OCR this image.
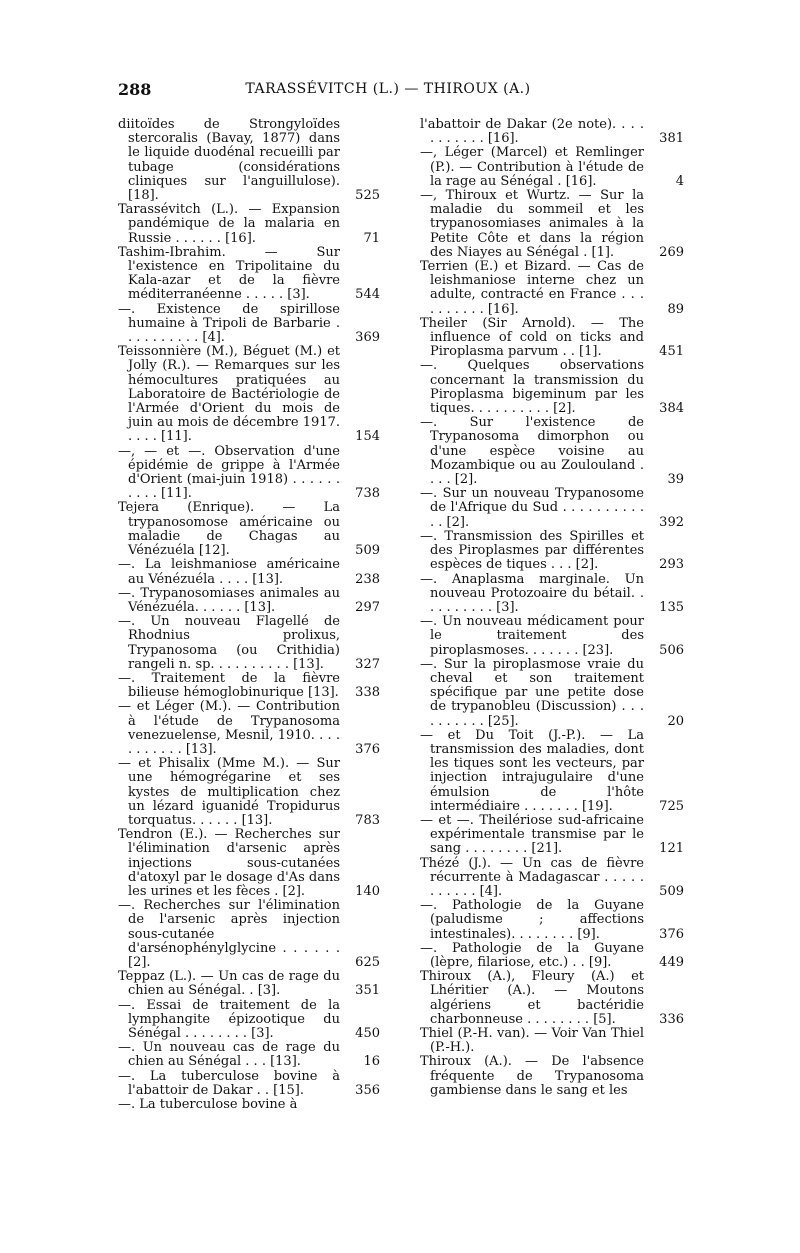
288	TARASSÉVITCH (L.) — THIROUX (A.)

diitoïdes de Strongyloïdes stercoralis (Bavay, 1877) dans le liquide duodénal recueilli par tubage (considérations cliniques sur l'anguillulose). [18].	525

Tarassévitch (L.). — Expansion pandémique de la malaria en Russie . . . . . . [16].	71

Tashim-Ibrahim. — Sur l'existence en Tripolitaine du Kala-azar et de la fièvre méditerranéenne . . . . . [3].	544

—. Existence de spirillose humaine à Tripoli de Barbarie . . . . . . . . . . [4].	369

Teissonnière (M.), Béguet (M.) et Jolly (R.). — Remarques sur les hémocultures pratiquées au Laboratoire de Bactériologie de l'Armée d'Orient du mois de juin au mois de décembre 1917. . . . . [11].	154

—, — et —. Observation d'une épidémie de grippe à l'Armée d'Orient (mai-juin 1918) . . . . . . . . . . [11].	738

Tejera (Enrique). — La trypanosomose américaine ou maladie de Chagas au Vénézuéla [12].	509

—. La leishmaniose américaine au Vénézuéla . . . . [13].	238

—. Trypanosomiases animales au Vénézuéla. . . . . . [13].	297

—. Un nouveau Flagellé de Rhodnius prolixus, Trypanosoma (ou Crithidia) rangeli n. sp. . . . . . . . . . [13].	327

—. Traitement de la fièvre bilieuse hémoglobinurique [13].	338

— et Léger (M.). — Contribution à l'étude de Trypanosoma venezuelense, Mesnil, 1910. . . . . . . . . . . [13].	376

— et Phisalix (Mme M.). — Sur une hémogrégarine et ses kystes de multiplication chez un lézard iguanidé Tropidurus torquatus. . . . . . [13].	783

Tendron (E.). — Recherches sur l'élimination d'arsenic après injections sous-cutanées d'atoxyl par le dosage d'As dans les urines et les fèces . [2].	140

—. Recherches sur l'élimination de l'arsenic après injection sous-cutanée d'arsénophénylglycine . . . . . . [2].	625

Teppaz (L.). — Un cas de rage du chien au Sénégal. . [3].	351

—. Essai de traitement de la lymphangite épizootique du Sénégal . . . . . . . . [3].	450

—. Un nouveau cas de rage du chien au Sénégal . . . [13].	16

—. La tuberculose bovine à l'abattoir de Dakar . . [15].	356

—. La tuberculose bovine à

l'abattoir de Dakar (2e note). . . . . . . . . . . [16].	381

—, Léger (Marcel) et Remlinger (P.). — Contribution à l'étude de la rage au Sénégal . [16].	4

—, Thiroux et Wurtz. — Sur la maladie du sommeil et les trypanosomiases animales à la Petite Côte et dans la région des Niayes au Sénégal . [1].	269

Terrien (E.) et Bizard. — Cas de leishmaniose interne chez un adulte, contracté en France . . . . . . . . . . [16].	89

Theiler (Sir Arnold). — The influence of cold on ticks and Piroplasma parvum . . [1].	451

—. Quelques observations concernant la transmission du Piroplasma bigeminum par les tiques. . . . . . . . . . [2].	384

—. Sur l'existence de Trypanosoma dimorphon ou d'une espèce voisine au Mozambique ou au Zoulouland . . . . [2].	39

—. Sur un nouveau Trypanosome de l'Afrique du Sud . . . . . . . . . . . . [2].	392

—. Transmission des Spirilles et des Piroplasmes par différentes espèces de tiques . . . [2].	293

—. Anaplasma marginale. Un nouveau Protozoaire du bétail. . . . . . . . . . [3].	135

—. Un nouveau médicament pour le traitement des piroplasmoses. . . . . . . [23].	506

—. Sur la piroplasmose vraie du cheval et son traitement spécifique par une petite dose de trypanobleu (Discussion) . . . . . . . . . . [25].	20

— et Du Toit (J.-P.). — La transmission des maladies, dont les tiques sont les vecteurs, par injection intrajugulaire d'une émulsion de l'hôte intermédiaire . . . . . . . [19].	725

— et —. Theilériose sud-africaine expérimentale transmise par le sang . . . . . . . . [21].	121

Thézé (J.). — Un cas de fièvre récurrente à Madagascar . . . . . . . . . . . [4].	509

—. Pathologie de la Guyane (paludisme ; affections intestinales). . . . . . . . [9].	376

—. Pathologie de la Guyane (lèpre, filariose, etc.) . . [9].	449

Thiroux (A.), Fleury (A.) et Lhéritier (A.). — Moutons algériens et bactéridie charbonneuse . . . . . . . . [5].	336

Thiel (P.-H. van). — Voir Van Thiel (P.-H.).

Thiroux (A.). — De l'absence fréquente de Trypanosoma gambiense dans le sang et les
